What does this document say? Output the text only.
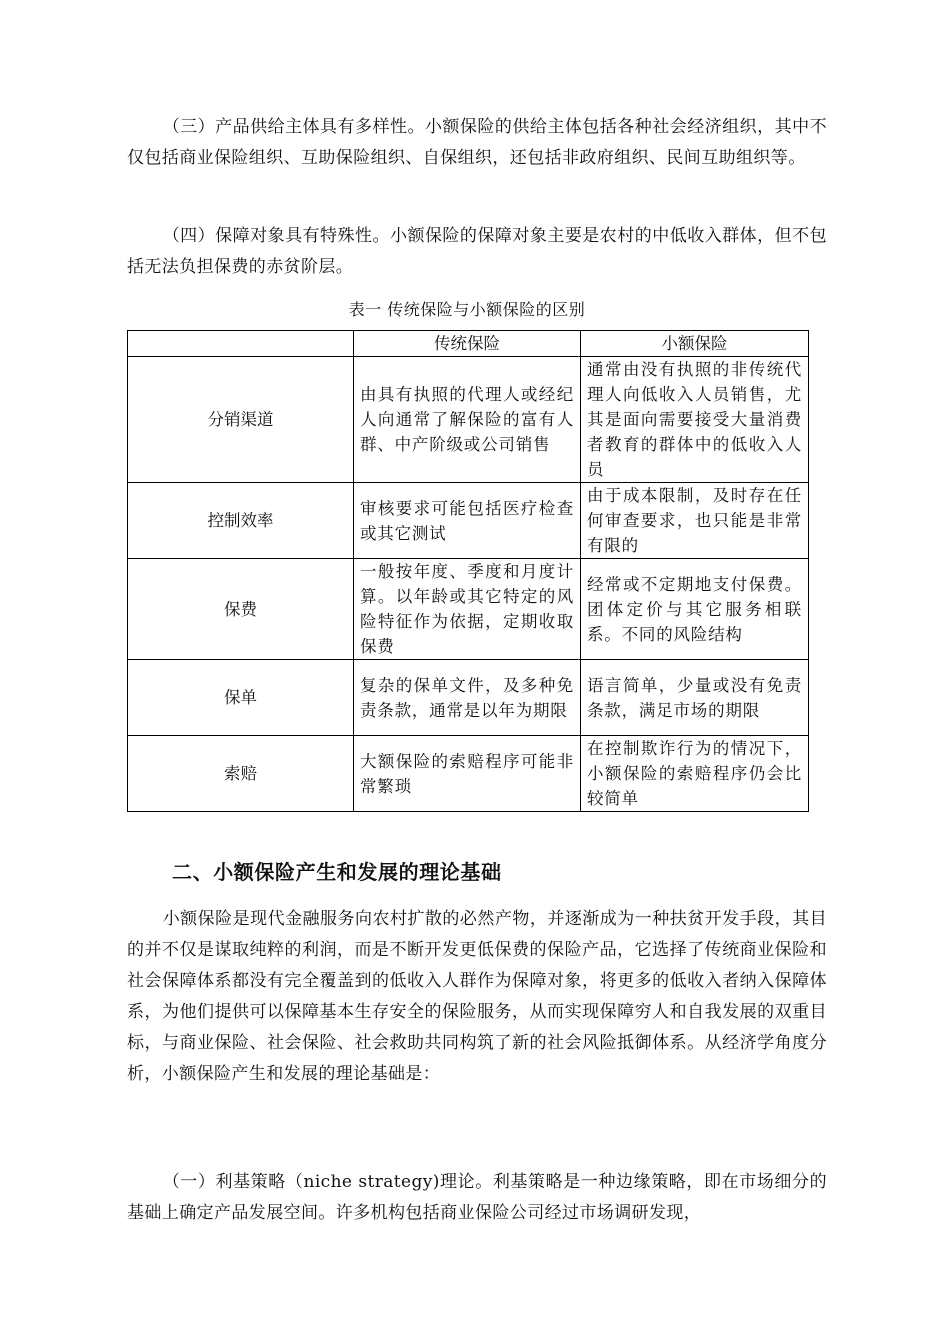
（三）产品供给主体具有多样性。小额保险的供给主体包括各种社会经济组织，其中不仅包括商业保险组织、互助保险组织、自保组织，还包括非政府组织、民间互助组织等。

（四）保障对象具有特殊性。小额保险的保障对象主要是农村的中低收入群体，但不包括无法负担保费的赤贫阶层。

表一 传统保险与小额保险的区别

	传统保险	小额保险
分销渠道	由具有执照的代理人或经纪人向通常了解保险的富有人群、中产阶级或公司销售	通常由没有执照的非传统代理人向低收入人员销售，尤其是面向需要接受大量消费者教育的群体中的低收入人员
控制效率	审核要求可能包括医疗检查或其它测试	由于成本限制，及时存在任何审查要求，也只能是非常有限的
保费	一般按年度、季度和月度计算。以年龄或其它特定的风险特征作为依据，定期收取保费	经常或不定期地支付保费。团体定价与其它服务相联系。不同的风险结构
保单	复杂的保单文件，及多种免责条款，通常是以年为期限	语言简单，少量或没有免责条款，满足市场的期限
索赔	大额保险的索赔程序可能非常繁琐	在控制欺诈行为的情况下，小额保险的索赔程序仍会比较简单
二、小额保险产生和发展的理论基础

小额保险是现代金融服务向农村扩散的必然产物，并逐渐成为一种扶贫开发手段，其目的并不仅是谋取纯粹的利润，而是不断开发更低保费的保险产品，它选择了传统商业保险和社会保障体系都没有完全覆盖到的低收入人群作为保障对象，将更多的低收入者纳入保障体系，为他们提供可以保障基本生存安全的保险服务，从而实现保障穷人和自我发展的双重目标，与商业保险、社会保险、社会救助共同构筑了新的社会风险抵御体系。从经济学角度分析，小额保险产生和发展的理论基础是：

（一）利基策略（niche strategy)理论。利基策略是一种边缘策略，即在市场细分的基础上确定产品发展空间。许多机构包括商业保险公司经过市场调研发现，
